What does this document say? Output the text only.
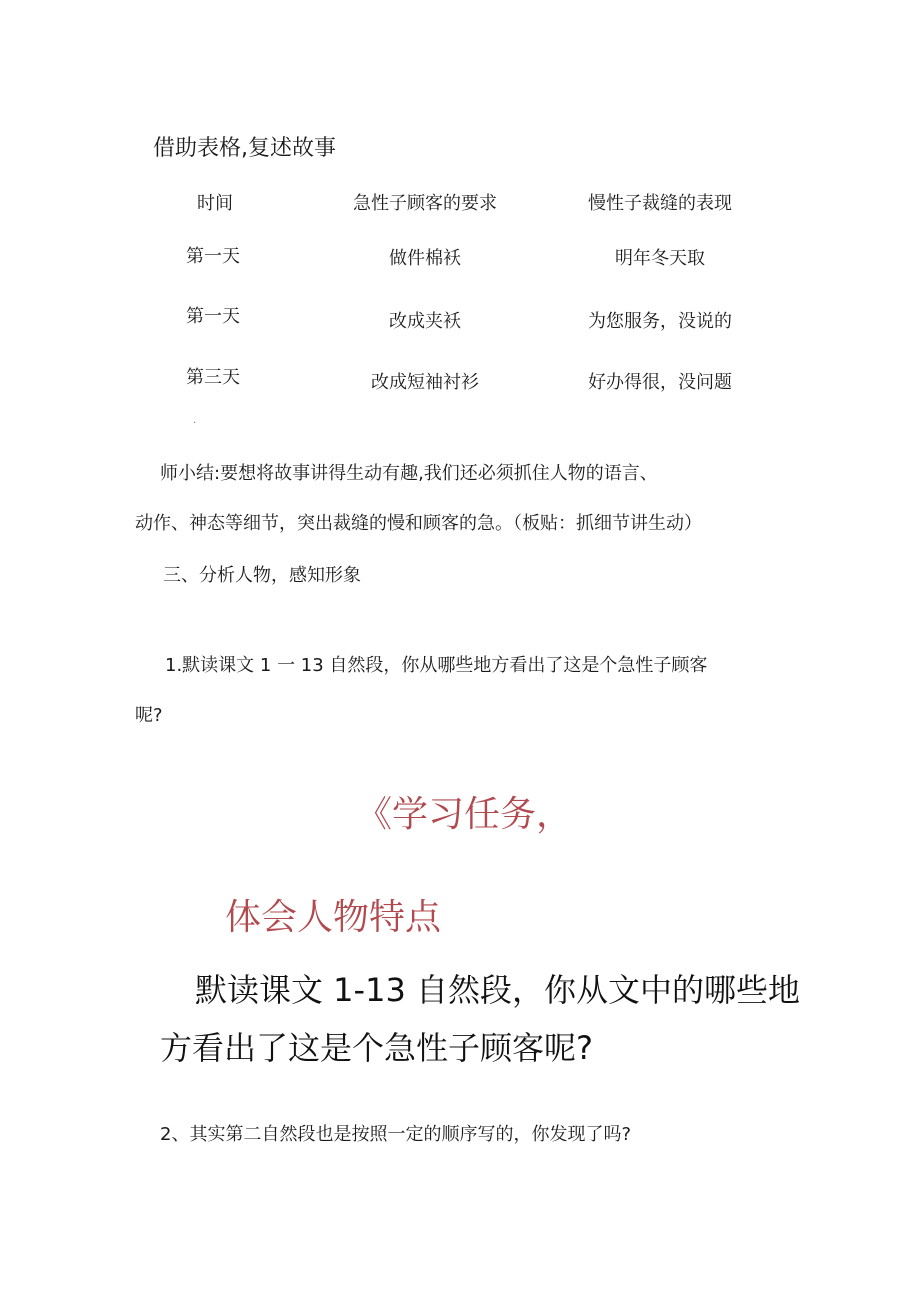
借助表格,复述故事
时间	急性子顾客的要求	慢性子裁缝的表现
第一天	做件棉袄	明年冬天取
第一天	改成夹袄	为您服务，没说的
第三天	改成短袖衬衫	好办得很，没问题
·
师小结:要想将故事讲得生动有趣,我们还必须抓住人物的语言、
动作、神态等细节，突出裁缝的慢和顾客的急。（板贴：抓细节讲生动）
三、分析人物，感知形象
1.默读课文 1 一 13 自然段，你从哪些地方看出了这是个急性子顾客
呢?
《学习任务，
体会人物特点
默读课文 1-13 自然段，你从文中的哪些地
方看出了这是个急性子顾客呢?
2、其实第二自然段也是按照一定的顺序写的，你发现了吗?
